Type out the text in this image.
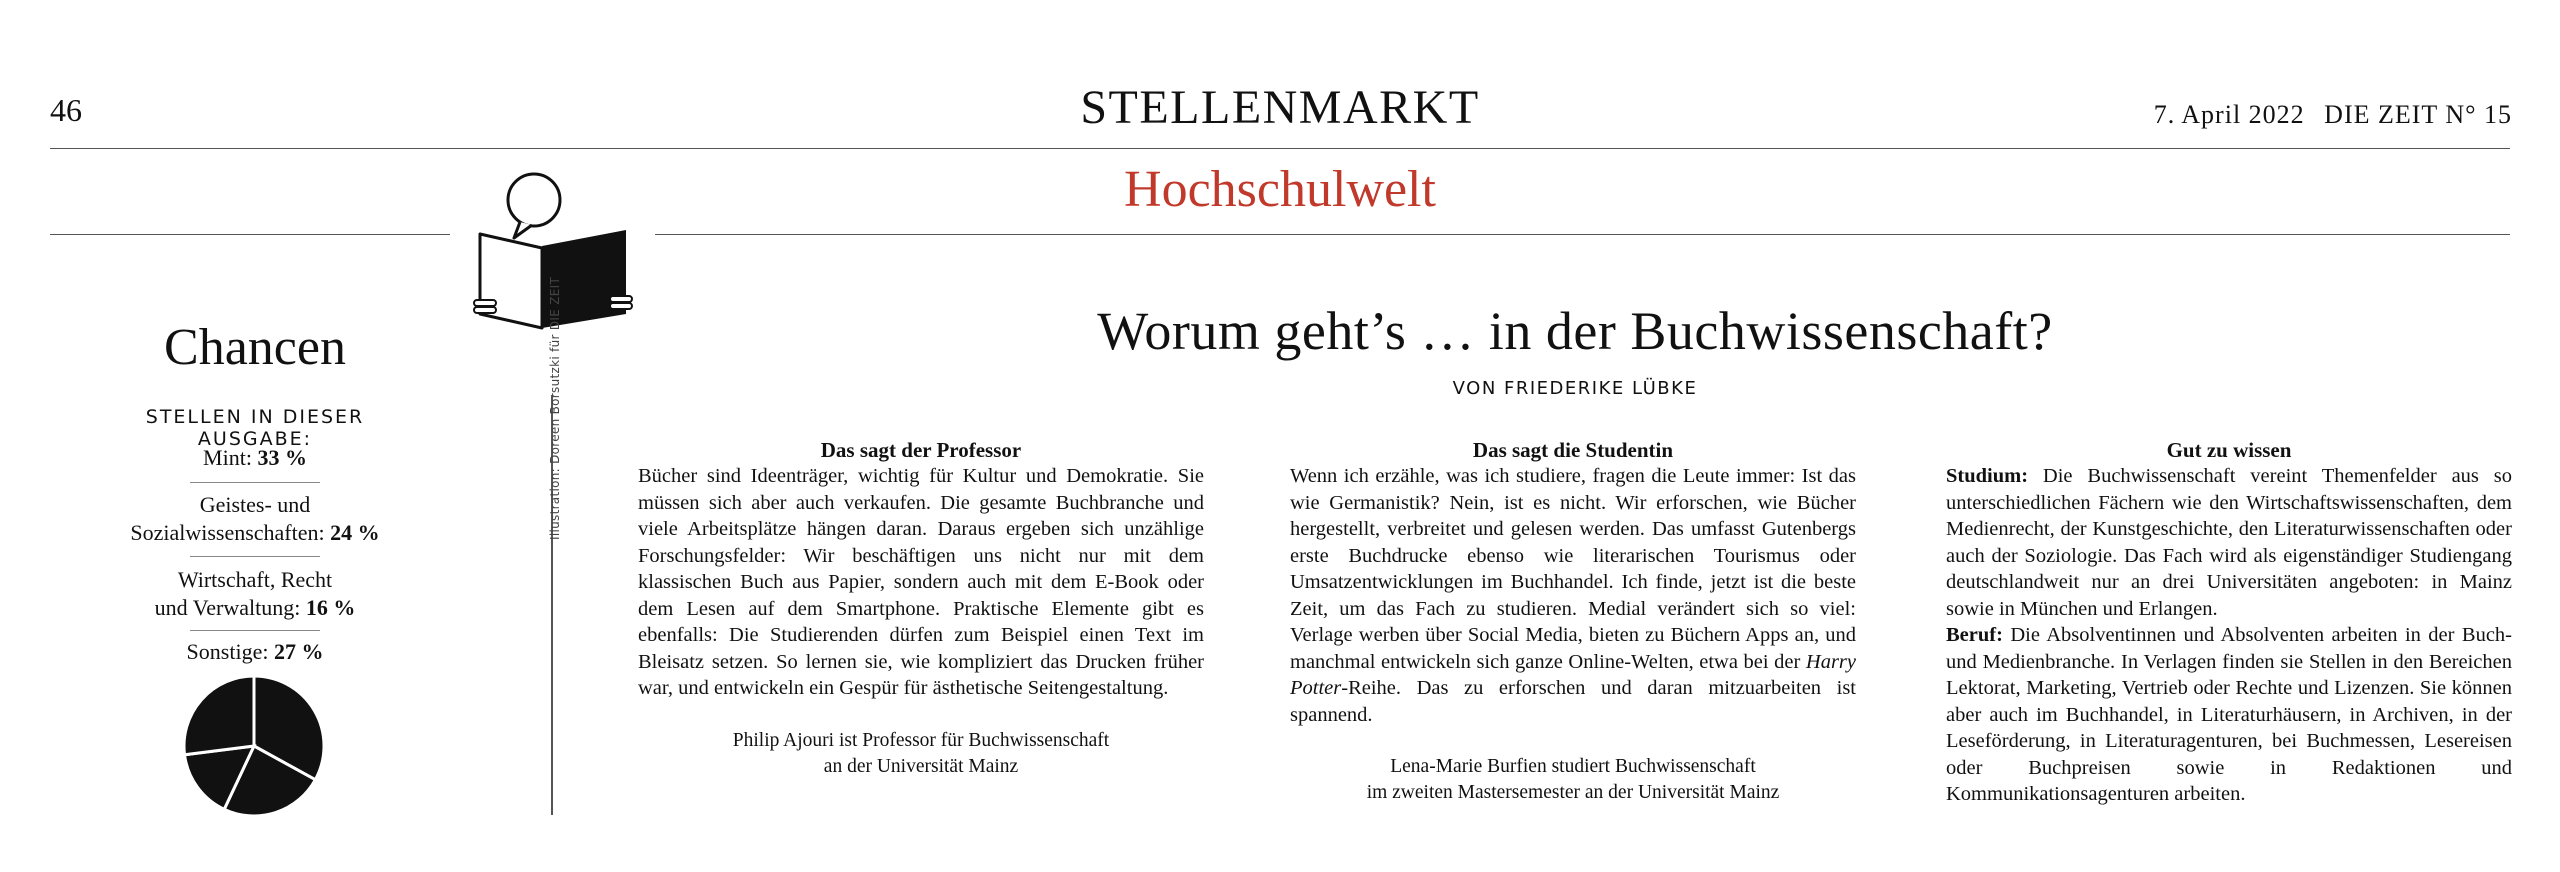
46	STELLENMARKT	7. April 2022 DIE ZEIT N° 15
Hochschulwelt
Illustration: Doreen Borsutzki für DIE ZEIT
Chancen
STELLEN IN DIESER AUSGABE:
Mint: 33 %
Geistes- und
Sozialwissenschaften: 24 %
Wirtschaft, Recht
und Verwaltung: 16 %
Sonstige: 27 %
Worum geht’s … in der Buchwissenschaft?
VON FRIEDERIKE LÜBKE
Das sagt der Professor

Bücher sind Ideenträger, wichtig für Kultur und Demokratie. Sie müssen sich aber auch verkaufen. Die gesamte Buchbranche und viele Arbeitsplätze hängen daran. Daraus ergeben sich unzählige Forschungsfelder: Wir beschäftigen uns nicht nur mit dem klassischen Buch aus Papier, sondern auch mit dem E-Book oder dem Lesen auf dem Smartphone. Praktische Elemente gibt es ebenfalls: Die Studierenden dürfen zum Beispiel einen Text im Bleisatz setzen. So lernen sie, wie kompliziert das Drucken früher war, und entwickeln ein Gespür für ästhetische Seitengestaltung.

Philip Ajouri ist Professor für Buchwissenschaft
an der Universität Mainz
Das sagt die Studentin

Wenn ich erzähle, was ich studiere, fragen die Leute immer: Ist das wie Germanistik? Nein, ist es nicht. Wir erforschen, wie Bücher hergestellt, verbreitet und gelesen werden. Das umfasst Gutenbergs erste Buchdrucke ebenso wie literarischen Tourismus oder Umsatzentwicklungen im Buchhandel. Ich finde, jetzt ist die beste Zeit, um das Fach zu studieren. Medial verändert sich so viel: Verlage werben über Social Media, bieten zu Büchern Apps an, und manchmal entwickeln sich ganze Online-Welten, etwa bei der Harry Potter-Reihe. Das zu erforschen und daran mitzuarbeiten ist spannend.

Lena-Marie Burfien studiert Buchwissenschaft
im zweiten Mastersemester an der Universität Mainz
Gut zu wissen

Studium: Die Buchwissenschaft vereint Themenfelder aus so unterschiedlichen Fächern wie den Wirtschaftswissenschaften, dem Medienrecht, der Kunstgeschichte, den Literaturwissenschaften oder auch der Soziologie. Das Fach wird als eigenständiger Studiengang deutschlandweit nur an drei Universitäten angeboten: in Mainz sowie in München und Erlangen.

Beruf: Die Absolventinnen und Absolventen arbeiten in der Buch- und Medienbranche. In Verlagen finden sie Stellen in den Bereichen Lektorat, Marketing, Vertrieb oder Rechte und Lizenzen. Sie können aber auch im Buchhandel, in Literaturhäusern, in Archiven, in der Leseförderung, in Literaturagenturen, bei Buchmessen, Lesereisen oder Buchpreisen sowie in Redaktionen und Kommunikationsagenturen arbeiten.
